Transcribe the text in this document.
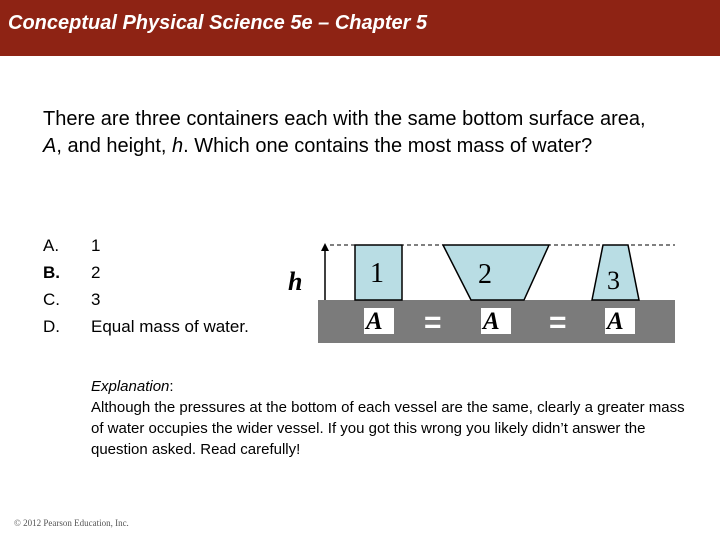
Conceptual Physical Science 5e – Chapter 5
There are three containers each with the same bottom surface area, A, and height, h. Which one contains the most mass of water?
A.	1
B.	2
C.	3
D.	Equal mass of water.
h 1	2	3
A	A	A
=	=
Explanation:
Although the pressures at the bottom of each vessel are the same, clearly a greater mass of water occupies the wider vessel. If you got this wrong you likely didn’t answer the question asked. Read carefully!
© 2012 Pearson Education, Inc.
